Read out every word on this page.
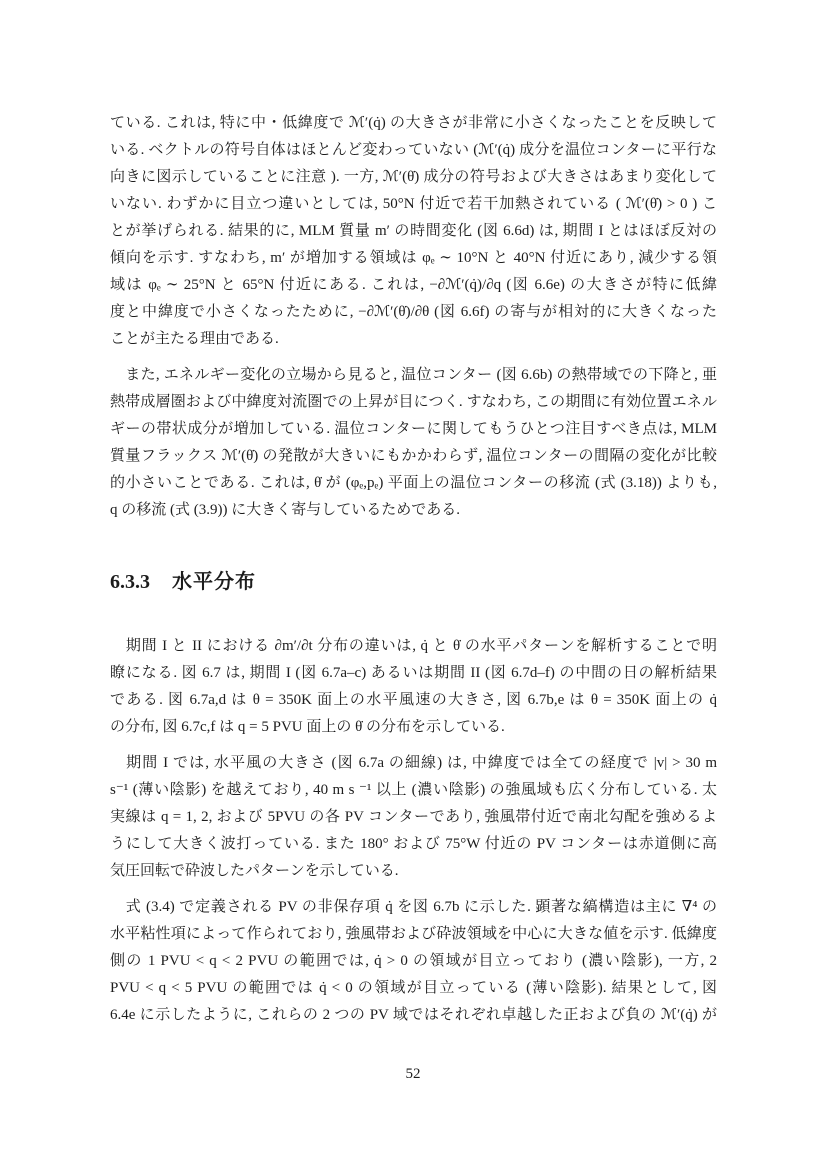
ている. これは, 特に中・低緯度で ℳ′(q̇) の大きさが非常に小さくなったことを反映して
いる. ベクトルの符号自体はほとんど変わっていない (ℳ′(q̇) 成分を温位コンターに平行な
向きに図示していることに注意 ). 一方, ℳ′(θ̇) 成分の符号および大きさはあまり変化して
いない. わずかに目立つ違いとしては, 50°N 付近で若干加熱されている ( ℳ′(θ̇) > 0 ) こ
とが挙げられる. 結果的に, MLM 質量 m′ の時間変化 (図 6.6d) は, 期間 I とはほぼ反対の
傾向を示す. すなわち, m′ が増加する領域は φₑ ∼ 10°N と 40°N 付近にあり, 減少する領
域は φₑ ∼ 25°N と 65°N 付近にある. これは, −∂ℳ′(q̇)/∂q (図 6.6e) の大きさが特に低緯
度と中緯度で小さくなったために, −∂ℳ′(θ̇)/∂θ (図 6.6f) の寄与が相対的に大きくなった
ことが主たる理由である.
　また, エネルギー変化の立場から見ると, 温位コンター (図 6.6b) の熱帯域での下降と, 亜
熱帯成層圏および中緯度対流圏での上昇が目につく. すなわち, この期間に有効位置エネル
ギーの帯状成分が増加している. 温位コンターに関してもうひとつ注目すべき点は, MLM
質量フラックス ℳ′(θ̇) の発散が大きいにもかかわらず, 温位コンターの間隔の変化が比較
的小さいことである. これは, θ̇ が (φₑ,pₑ) 平面上の温位コンターの移流 (式 (3.18)) よりも,
q の移流 (式 (3.9)) に大きく寄与しているためである.
6.3.3 水平分布
　期間 I と II における ∂m′/∂t 分布の違いは, q̇ と θ̇ の水平パターンを解析することで明
瞭になる. 図 6.7 は, 期間 I (図 6.7a–c) あるいは期間 II (図 6.7d–f) の中間の日の解析結果
である. 図 6.7a,d は θ = 350K 面上の水平風速の大きさ, 図 6.7b,e は θ = 350K 面上の q̇
の分布, 図 6.7c,f は q = 5 PVU 面上の θ̇ の分布を示している.
　期間 I では, 水平風の大きさ (図 6.7a の細線) は, 中緯度では全ての経度で |v| > 30 m
s⁻¹ (薄い陰影) を越えており, 40 m s ⁻¹ 以上 (濃い陰影) の強風域も広く分布している. 太
実線は q = 1, 2, および 5PVU の各 PV コンターであり, 強風帯付近で南北勾配を強めるよ
うにして大きく波打っている. また 180° および 75°W 付近の PV コンターは赤道側に高
気圧回転で砕波したパターンを示している.
　式 (3.4) で定義される PV の非保存項 q̇ を図 6.7b に示した. 顕著な縞構造は主に ∇⁴ の
水平粘性項によって作られており, 強風帯および砕波領域を中心に大きな値を示す. 低緯度
側の 1 PVU < q < 2 PVU の範囲では, q̇ > 0 の領域が目立っており (濃い陰影), 一方, 2
PVU < q < 5 PVU の範囲では q̇ < 0 の領域が目立っている (薄い陰影). 結果として, 図
6.4e に示したように, これらの 2 つの PV 域ではそれぞれ卓越した正および負の ℳ′(q̇) が
52
